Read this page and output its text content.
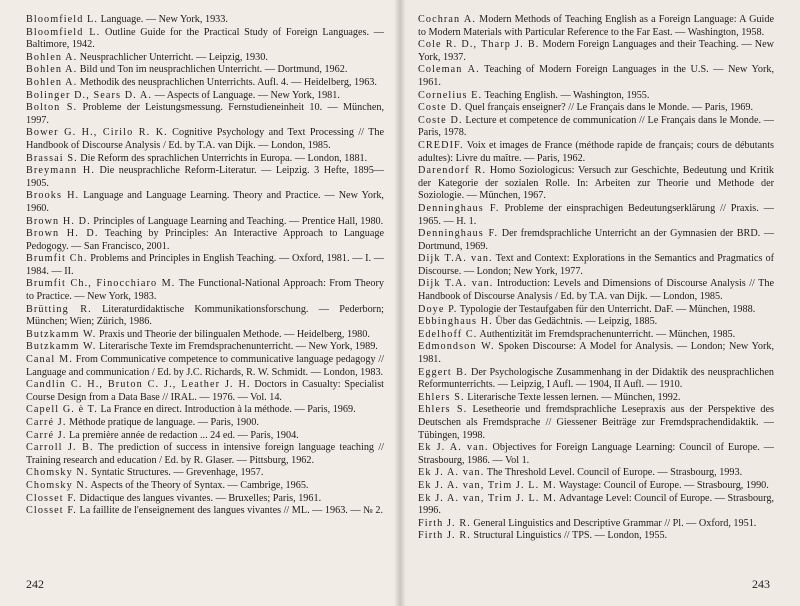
Bloomfield L. Language. — New York, 1933.

Bloomfield L. Outline Guide for the Practical Study of Foreign Languages. — Baltimore, 1942.

Bohlen A. Neusprachlicher Unterricht. — Leipzig, 1930.

Bohlen A. Bild und Ton im neusprachlichen Unterricht. — Dortmund, 1962.

Bohlen A. Methodik des neusprachlichen Unterrichts. Aufl. 4. — Heidelberg, 1963.

Bolinger D., Sears D. A. — Aspects of Language. — New York, 1981.

Bolton S. Probleme der Leistungsmessung. Fernstudieneinheit 10. — München, 1997.

Bower G. H., Cirilo R. K. Cognitive Psychology and Text Processing // The Handbook of Discourse Analysis / Ed. by T.A. van Dijk. — London, 1985.

Brassai S. Die Reform des sprachlichen Unterrichts in Europa. — London, 1881.

Breymann H. Die neusprachliche Reform-Literatur. — Leipzig. 3 Hefte, 1895—1905.

Brooks H. Language and Language Learning. Theory and Practice. — New York, 1960.

Brown H. D. Principles of Language Learning and Teaching. — Prentice Hall, 1980.

Brown H. D. Teaching by Principles: An Interactive Approach to Language Pedogogy. — San Francisco, 2001.

Brumfit Ch. Problems and Principles in English Teaching. — Oxford, 1981. — I. — 1984. — II.

Brumfit Ch., Finocchiaro M. The Functional-National Approach: From Theory to Practice. — New York, 1983.

Brütting R. Literaturdidaktische Kommunikationsforschung. — Pederborn; München; Wien; Zürich, 1986.

Butzkamm W. Praxis und Theorie der bilingualen Methode. — Heidelberg, 1980.

Butzkamm W. Literarische Texte im Fremdsprachenunterricht. — New York, 1989.

Canal M. From Communicative competence to communicative language pedagogy // Language and communication / Ed. by J.C. Richards, R. W. Schmidt. — London, 1983.

Candlin C. H., Bruton C. J., Leather J. H. Doctors in Casualty: Specialist Course Design from a Data Base // IRAL. — 1976. — Vol. 14.

Capell G. è T. La France en direct. Introduction à la méthode. — Paris, 1969.

Carré J. Méthode pratique de language. — Paris, 1900.

Carré J. La première année de redaction ... 24 ed. — Paris, 1904.

Carroll J. B. The prediction of success in intensive foreign language teaching // Training research and education / Ed. by R. Glaser. — Pittsburg, 1962.

Chomsky N. Syntatic Structures. — Grevenhage, 1957.

Chomsky N. Aspects of the Theory of Syntax. — Cambrige, 1965.

Closset F. Didactique des langues vivantes. — Bruxelles; Paris, 1961.

Closset F. La faillite de l'enseignement des langues vivantes // ML. — 1963. — № 2.

242

Cochran A. Modern Methods of Teaching English as a Foreign Language: A Guide to Modern Materials with Particular Reference to the Far East. — Washington, 1958.

Cole R. D., Tharp J. B. Modern Foreign Languages and their Teaching. — New York, 1937.

Coleman A. Teaching of Modern Foreign Languages in the U.S. — New York, 1961.

Cornelius E. Teaching English. — Washington, 1955.

Coste D. Quel français enseigner? // Le Français dans le Monde. — Paris, 1969.

Coste D. Lecture et competence de communication // Le Français dans le Monde. — Paris, 1978.

CREDIF. Voix et images de France (méthode rapide de français; cours de débutants adultes): Livre du maître. — Paris, 1962.

Darendorf R. Homo Soziologicus: Versuch zur Geschichte, Bedeutung und Kritik der Kategorie der sozialen Rolle. In: Arbeiten zur Theorie und Methode der Soziologie. — München, 1967.

Denninghaus F. Probleme der einsprachigen Bedeutungserklärung // Praxis. — 1965. — H. 1.

Denninghaus F. Der fremdsprachliche Unterricht an der Gymnasien der BRD. — Dortmund, 1969.

Dijk T.A. van. Text and Context: Explorations in the Semantics and Pragmatics of Discourse. — London; New York, 1977.

Dijk T.A. van. Introduction: Levels and Dimensions of Discourse Analysis // The Handbook of Discourse Analysis / Ed. by T.A. van Dijk. — London, 1985.

Doye P. Typologie der Testaufgaben für den Unterricht. DaF. — München, 1988.

Ebbinghaus H. Über das Gedächtnis. — Leipzig, 1885.

Edelhoff C. Authentizität im Fremdsprachenunterricht. — München, 1985.

Edmondson W. Spoken Discourse: A Model for Analysis. — London; New York, 1981.

Eggert B. Der Psychologische Zusammenhang in der Didaktik des neusprachlichen Reformunterrichts. — Leipzig, I Aufl. — 1904, II Aufl. — 1910.

Ehlers S. Literarische Texte lessen lernen. — München, 1992.

Ehlers S. Lesetheorie und fremdsprachliche Lesepraxis aus der Perspektive des Deutschen als Fremdsprache // Giessener Beiträge zur Fremdsprachendidaktik. — Tübingen, 1998.

Ek J. A. van. Objectives for Foreign Language Learning: Council of Europe. — Strasbourg, 1986. — Vol 1.

Ek J. A. van. The Threshold Level. Council of Europe. — Strasbourg, 1993.

Ek J. A. van, Trim J. L. M. Waystage: Council of Europe. — Strasbourg, 1990.

Ek J. A. van, Trim J. L. M. Advantage Level: Council of Europe. — Strasbourg, 1996.

Firth J. R. General Linguistics and Descriptive Grammar // Pl. — Oxford, 1951.

Firth J. R. Structural Linguistics // TPS. — London, 1955.

243
